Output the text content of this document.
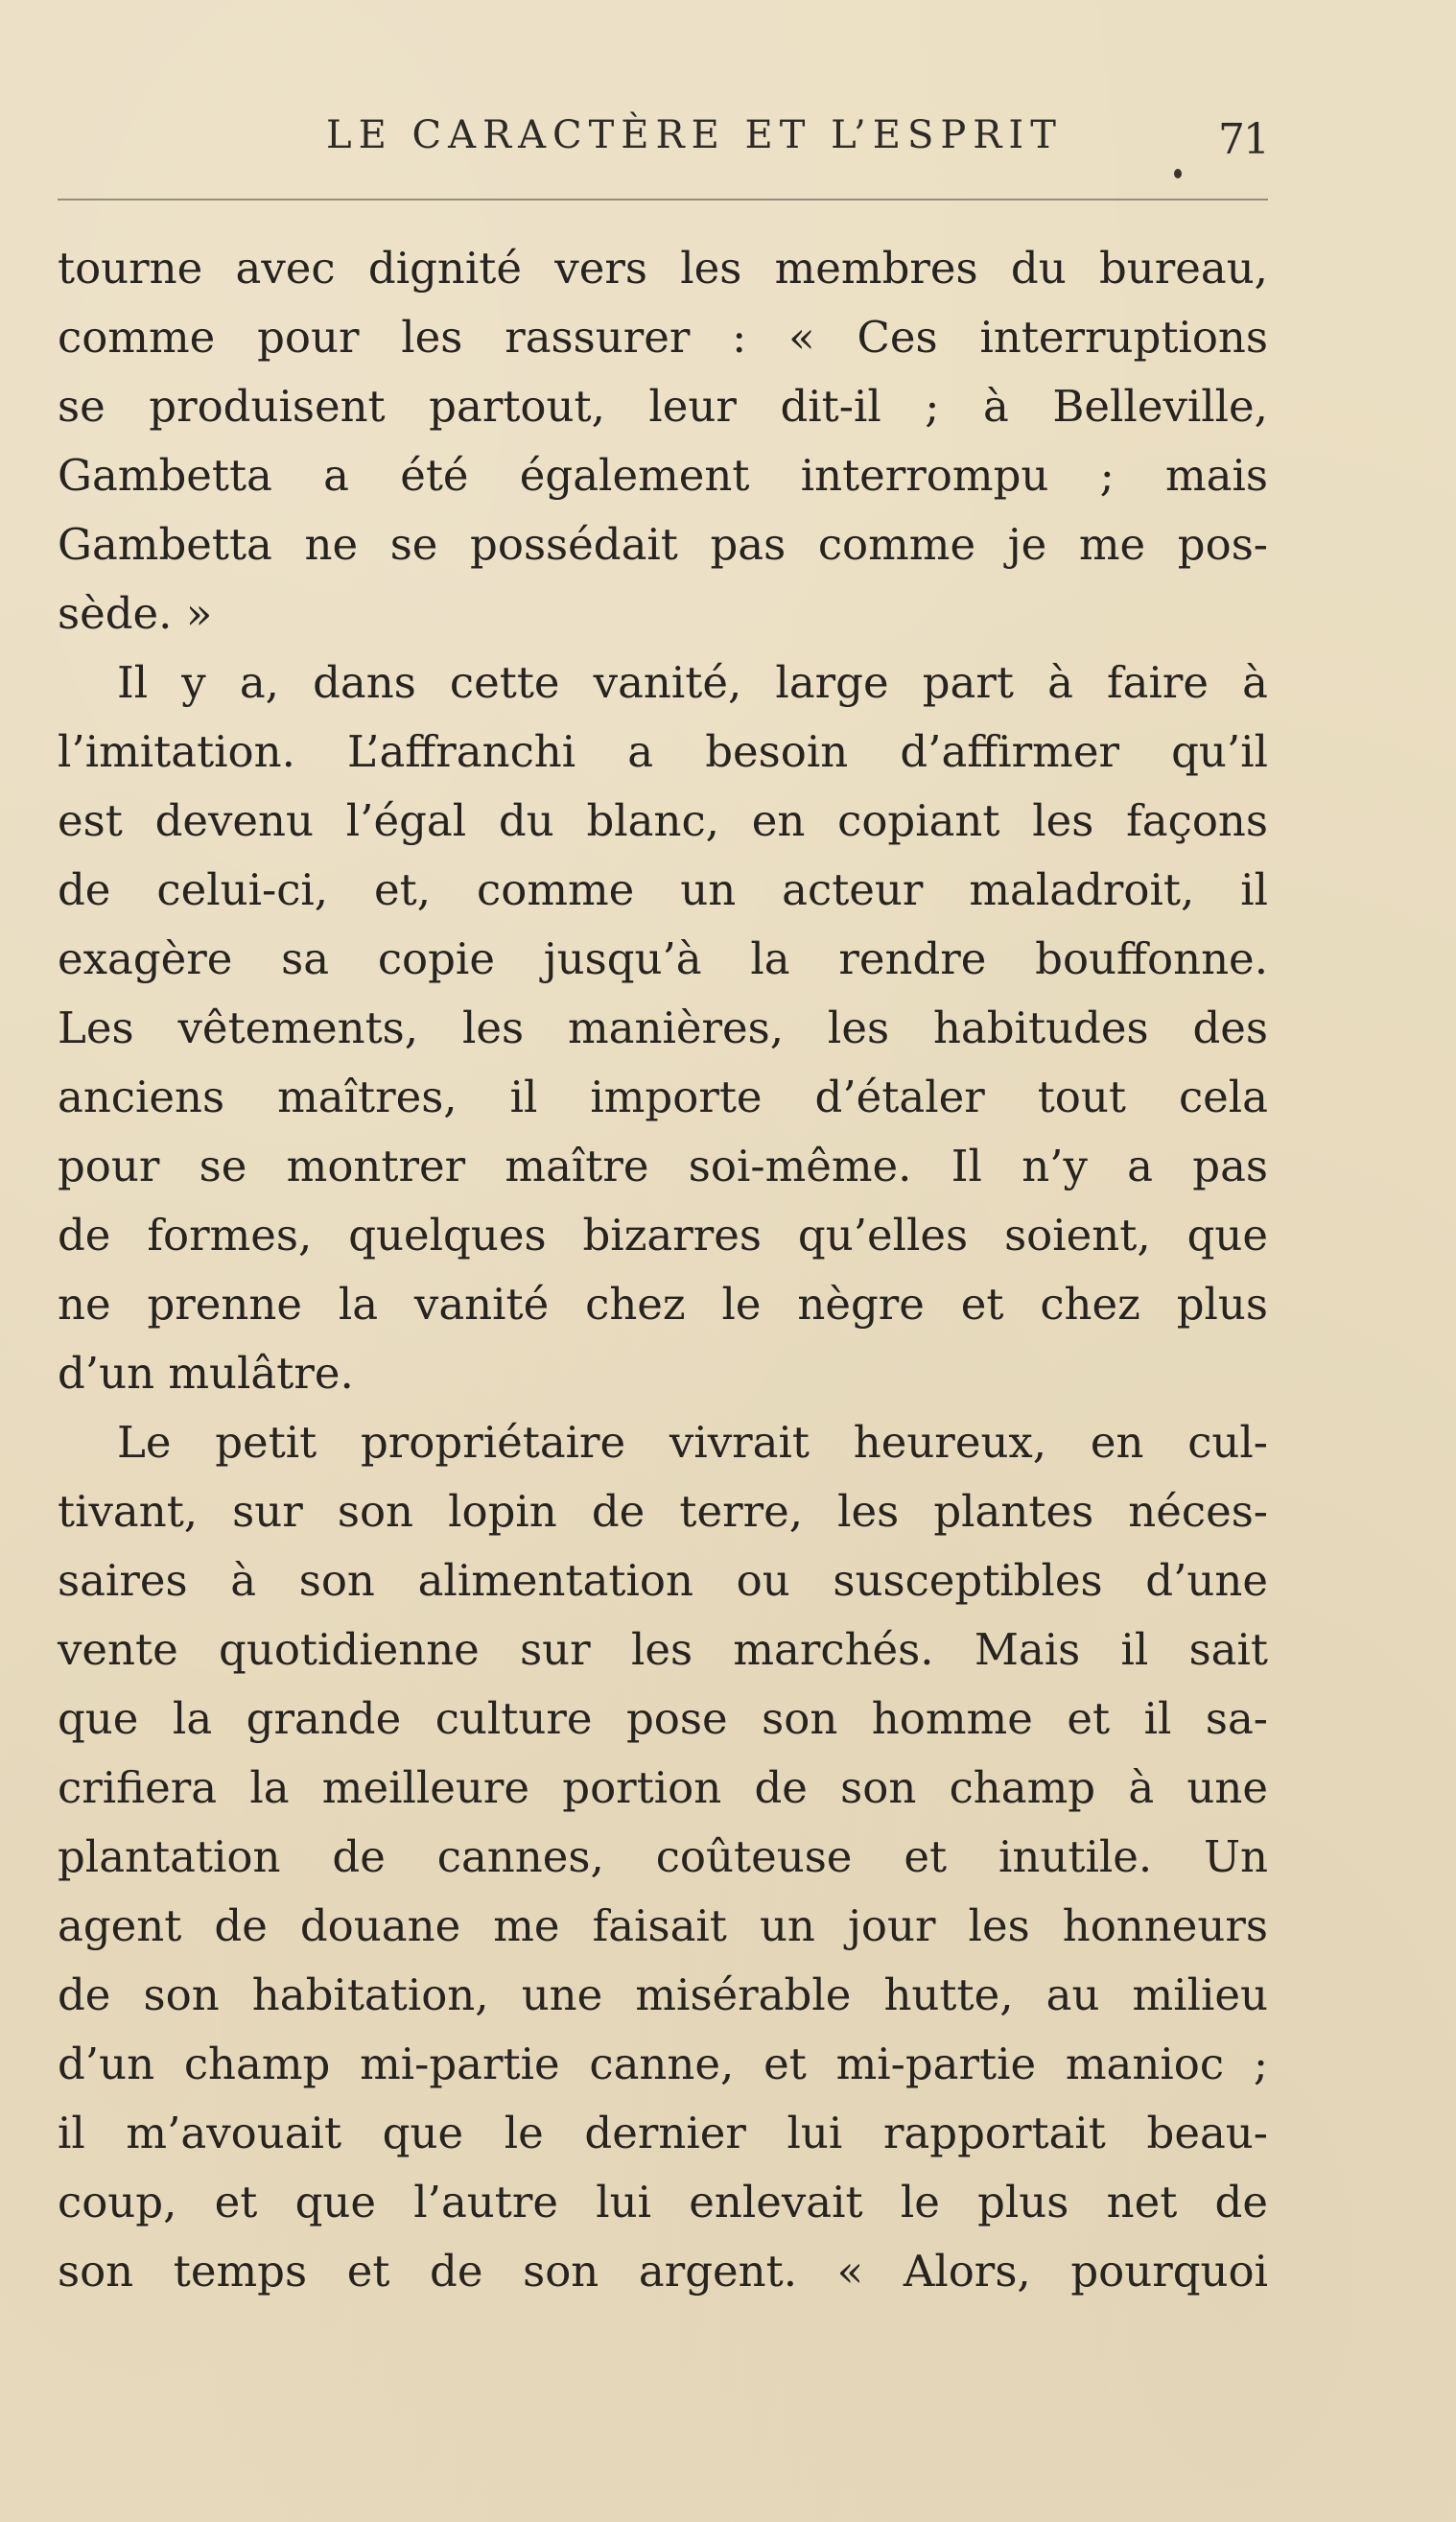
LE CARACTÈRE ET L’ESPRIT	71
tourne avec dignité vers les membres du bureau,
comme pour les rassurer : « Ces interruptions
se produisent partout, leur dit-il ; à Belleville,
Gambetta a été également interrompu ; mais
Gambetta ne se possédait pas comme je me pos-
sède. »
Il y a, dans cette vanité, large part à faire à
l’imitation. L’affranchi a besoin d’affirmer qu’il
est devenu l’égal du blanc, en copiant les façons
de celui-ci, et, comme un acteur maladroit, il
exagère sa copie jusqu’à la rendre bouffonne.
Les vêtements, les manières, les habitudes des
anciens maîtres, il importe d’étaler tout cela
pour se montrer maître soi-même. Il n’y a pas
de formes, quelques bizarres qu’elles soient, que
ne prenne la vanité chez le nègre et chez plus
d’un mulâtre.
Le petit propriétaire vivrait heureux, en cul-
tivant, sur son lopin de terre, les plantes néces-
saires à son alimentation ou susceptibles d’une
vente quotidienne sur les marchés. Mais il sait
que la grande culture pose son homme et il sa-
crifiera la meilleure portion de son champ à une
plantation de cannes, coûteuse et inutile. Un
agent de douane me faisait un jour les honneurs
de son habitation, une misérable hutte, au milieu
d’un champ mi-partie canne, et mi-partie manioc ;
il m’avouait que le dernier lui rapportait beau-
coup, et que l’autre lui enlevait le plus net de
son temps et de son argent. « Alors, pourquoi
